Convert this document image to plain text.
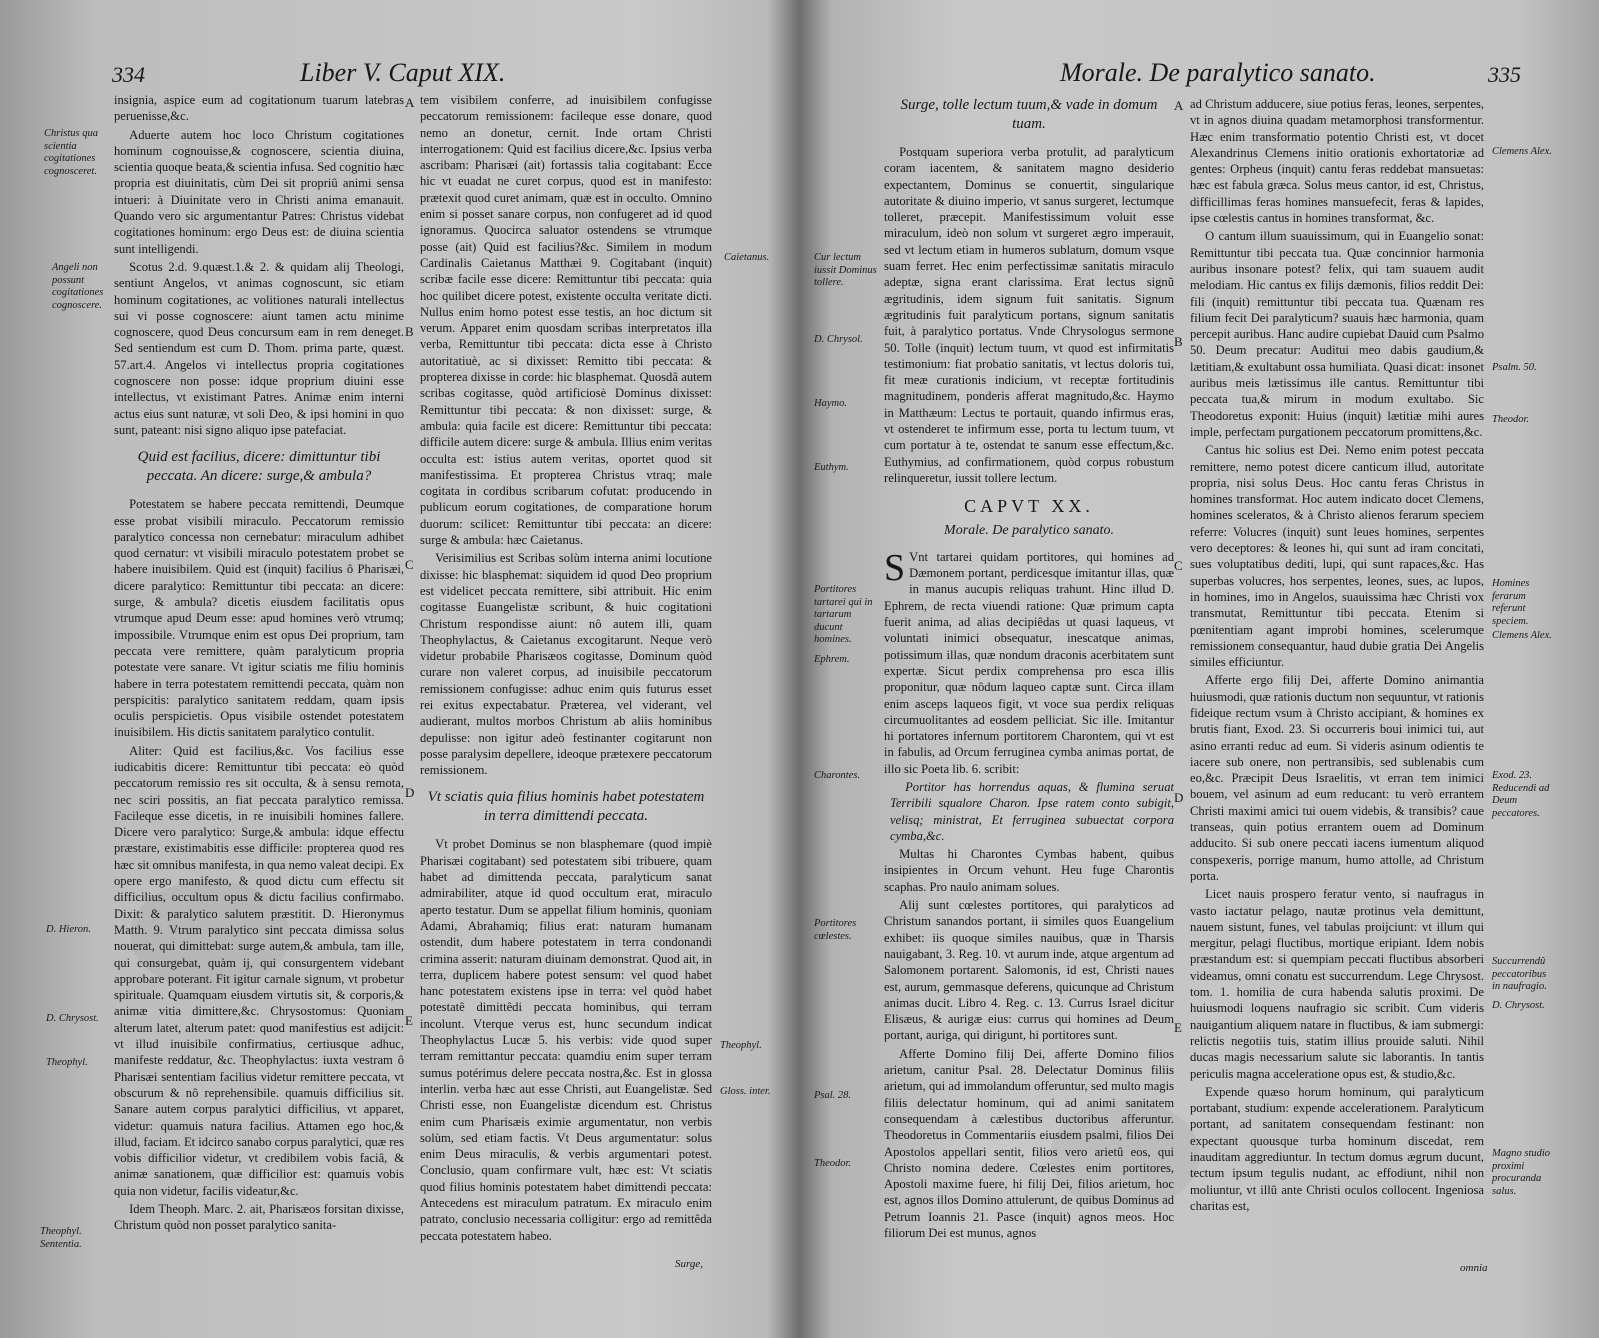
334	Liber V. Caput XIX.

insignia, aspice eum ad cogitationum tuarum latebras peruenisse,&c.

Aduerte autem hoc loco Christum cogitationes hominum cognouisse,& cognoscere, scientia diuina, scientia quoque beata,& scientia infusa. Sed cognitio hæc propria est diuinitatis, cùm Dei sit propriû animi sensa intueri: à Diuinitate vero in Christi anima emanauit. Quando vero sic argumentantur Patres: Christus videbat cogitationes hominum: ergo Deus est: de diuina scientia sunt intelligendi.

Scotus 2.d. 9.quæst.1.& 2. & quidam alij Theologi, sentiunt Angelos, vt animas cognoscunt, sic etiam hominum cogitationes, ac volitiones naturali intellectus sui vi posse cognoscere: aiunt tamen actu minime cognoscere, quod Deus concursum eam in rem deneget. Sed sentiendum est cum D. Thom. prima parte, quæst. 57.art.4. Angelos vi intellectus propria cogitationes cognoscere non posse: idque proprium diuini esse intellectus, vt existimant Patres. Animæ enim interni actus eius sunt naturæ, vt soli Deo, & ipsi homini in quo sunt, pateant: nisi signo aliquo ipse patefaciat.

Quid est facilius, dicere: dimittuntur tibi peccata. An dicere: surge,& ambula?

Potestatem se habere peccata remittendi, Deumque esse probat visibili miraculo. Peccatorum remissio paralytico concessa non cernebatur: miraculum adhibet quod cernatur: vt visibili miraculo potestatem probet se habere inuisibilem. Quid est (inquit) facilius ô Pharisæi, dicere paralytico: Remittuntur tibi peccata: an dicere: surge, & ambula? dicetis eiusdem facilitatis opus vtrumque apud Deum esse: apud homines verò vtrumq; impossibile. Vtrumque enim est opus Dei proprium, tam peccata vere remittere, quàm paralyticum propria potestate vere sanare. Vt igitur sciatis me filiu hominis habere in terra potestatem remittendi peccata, quàm non perspicitis: paralytico sanitatem reddam, quam ipsis oculis perspicietis. Opus visibile ostendet potestatem inuisibilem. His dictis sanitatem paralytico contulit.

Aliter: Quid est facilius,&c. Vos facilius esse iudicabitis dicere: Remittuntur tibi peccata: eò quòd peccatorum remissio res sit occulta, & à sensu remota, nec sciri possitis, an fiat peccata paralytico remissa. Facileque esse dicetis, in re inuisibili homines fallere. Dicere vero paralytico: Surge,& ambula: idque effectu præstare, existimabitis esse difficile: propterea quod res hæc sit omnibus manifesta, in qua nemo valeat decipi. Ex opere ergo manifesto, & quod dictu cum effectu sit difficilius, occultum opus & dictu facilius confirmabo. Dixit: & paralytico salutem præstitit. D. Hieronymus Matth. 9. Vtrum paralytico sint peccata dimissa solus nouerat, qui dimittebat: surge autem,& ambula, tam ille, qui consurgebat, quàm ij, qui consurgentem videbant approbare poterant. Fit igitur carnale signum, vt probetur spirituale. Quamquam eiusdem virtutis sit, & corporis,& animæ vitia dimittere,&c. Chrysostomus: Quoniam alterum latet, alterum patet: quod manifestius est adijcit: vt illud inuisibile confirmatius, certiusque adhuc, manifeste reddatur, &c. Theophylactus: iuxta vestram ô Pharisæi sententiam facilius videtur remittere peccata, vt obscurum & nô reprehensibile. quamuis difficilius sit. Sanare autem corpus paralytici difficilius, vt apparet, videtur: quamuis natura facilius. Attamen ego hoc,& illud, faciam. Et idcirco sanabo corpus paralytici, quæ res vobis difficilior videtur, vt credibilem vobis faciâ, & animæ sanationem, quæ difficilior est: quamuis vobis quia non videtur, facilis videatur,&c.

Idem Theoph. Marc. 2. ait, Pharisæos forsitan dixisse, Christum quòd non posset paralytico sanita-

tem visibilem conferre, ad inuisibilem confugisse peccatorum remissionem: facileque esse donare, quod nemo an donetur, cernit. Inde ortam Christi interrogationem: Quid est facilius dicere,&c. Ipsius verba ascribam: Pharisæi (ait) fortassis talia cogitabant: Ecce hic vt euadat ne curet corpus, quod est in manifesto: prætexit quod curet animam, quæ est in occulto. Omnino enim si posset sanare corpus, non confugeret ad id quod ignoramus. Quocirca saluator ostendens se vtrumque posse (ait) Quid est facilius?&c. Similem in modum Cardinalis Caietanus Matthæi 9. Cogitabant (inquit) scribæ facile esse dicere: Remittuntur tibi peccata: quia hoc quilibet dicere potest, existente occulta veritate dicti. Nullus enim homo potest esse testis, an hoc dictum sit verum. Apparet enim quosdam scribas interpretatos illa verba, Remittuntur tibi peccata: dicta esse à Christo autoritatiuè, ac si dixisset: Remitto tibi peccata: & propterea dixisse in corde: hic blasphemat. Quosdâ autem scribas cogitasse, quòd artificiosè Dominus dixisset: Remittuntur tibi peccata: & non dixisset: surge, & ambula: quia facile est dicere: Remittuntur tibi peccata: difficile autem dicere: surge & ambula. Illius enim veritas occulta est: istius autem veritas, oportet quod sit manifestissima. Et propterea Christus vtraq; male cogitata in cordibus scribarum cofutat: producendo in publicum eorum cogitationes, de comparatione horum duorum: scilicet: Remittuntur tibi peccata: an dicere: surge & ambula: hæc Caietanus.

Verisimilius est Scribas solùm interna animi locutione dixisse: hic blasphemat: siquidem id quod Deo proprium est videlicet peccata remittere, sibi attribuit. Hic enim cogitasse Euangelistæ scribunt, & huic cogitationi Christum respondisse aiunt: nô autem illi, quam Theophylactus, & Caietanus excogitarunt. Neque verò videtur probabile Pharisæos cogitasse, Dominum quòd curare non valeret corpus, ad inuisibile peccatorum remissionem confugisse: adhuc enim quis futurus esset rei exitus expectabatur. Præterea, vel viderant, vel audierant, multos morbos Christum ab aliis hominibus depulisse: non igitur adeò festinanter cogitarunt non posse paralysim depellere, ideoque prætexere peccatorum remissionem.

Vt sciatis quia filius hominis habet potestatem in terra dimittendi peccata.

Vt probet Dominus se non blasphemare (quod impiè Pharisæi cogitabant) sed potestatem sibi tribuere, quam habet ad dimittenda peccata, paralyticum sanat admirabiliter, atque id quod occultum erat, miraculo aperto testatur. Dum se appellat filium hominis, quoniam Adami, Abrahamiq; filius erat: naturam humanam ostendit, dum habere potestatem in terra condonandi crimina asserit: naturam diuinam demonstrat. Quod ait, in terra, duplicem habere potest sensum: vel quod habet hanc potestatem existens ipse in terra: vel quòd habet potestatê dimittêdi peccata hominibus, qui terram incolunt. Vterque verus est, hunc secundum indicat Theophylactus Lucæ 5. his verbis: vide quod super terram remittantur peccata: quamdiu enim super terram sumus potérimus delere peccata nostra,&c. Est in glossa interlin. verba hæc aut esse Christi, aut Euangelistæ. Sed Christi esse, non Euangelistæ dicendum est. Christus enim cum Pharisæis eximie argumentatur, non verbis solùm, sed etiam factis. Vt Deus argumentatur: solus enim Deus miraculis, & verbis argumentari potest. Conclusio, quam confirmare vult, hæc est: Vt sciatis quod filius hominis potestatem habet dimittendi peccata: Antecedens est miraculum patratum. Ex miraculo enim patrato, conclusio necessaria colligitur: ergo ad remittêda peccata potestatem habeo.

Surge,
Christus qua scientia cogitationes cognosceret.
Angeli non possunt cogitationes cognoscere.
D. Hieron.
D. Chrysost.
Theophyl.
Theophyl. Sententia.
Caietanus.
Theophyl.
Gloss. inter.
A
B
C
D
E
Morale. De paralytico sanato.	335
Surge, tolle lectum tuum,& vade in domum tuam.

Postquam superiora verba protulit, ad paralyticum coram iacentem, & sanitatem magno desiderio expectantem, Dominus se conuertit, singularique autoritate & diuino imperio, vt sanus surgeret, lectumque tolleret, præcepit. Manifestissimum voluit esse miraculum, ideò non solum vt surgeret ægro imperauit, sed vt lectum etiam in humeros sublatum, domum vsque suam ferret. Hec enim perfectissimæ sanitatis miraculo adeptæ, signa erant clarissima. Erat lectus signũ ægritudinis, idem signum fuit sanitatis. Signum ægritudinis fuit paralyticum portans, signum sanitatis fuit, à paralytico portatus. Vnde Chrysologus sermone 50. Tolle (inquit) lectum tuum, vt quod est infirmitatis testimonium: fiat probatio sanitatis, vt lectus doloris tui, fit meæ curationis indicium, vt receptæ fortitudinis magnitudinem, ponderis afferat magnitudo,&c. Haymo in Matthæum: Lectus te portauit, quando infirmus eras, vt ostenderet te infirmum esse, porta tu lectum tuum, vt cum portatur à te, ostendat te sanum esse effectum,&c. Euthymius, ad confirmationem, quòd corpus robustum relinqueretur, iussit tollere lectum.

CAPVT XX.
Morale. De paralytico sanato.

S Vnt tartarei quidam portitores, qui homines ad Dæmonem portant, perdicesque imitantur illas, quæ in manus aucupis reliquas trahunt. Hinc illud D. Ephrem, de recta viuendi ratione: Quæ primum capta fuerit anima, ad alias decipiêdas ut quasi laqueus, vt voluntati inimici obsequatur, inescatque animas, potissimum illas, quæ nondum draconis acerbitatem sunt expertæ. Sicut perdix comprehensa pro esca illis proponitur, quæ nôdum laqueo captæ sunt. Circa illam enim asceps laqueos figit, vt voce sua perdix reliquas circumuolitantes ad eosdem pelliciat. Sic ille. Imitantur hi portatores infernum portitorem Charontem, qui vt est in fabulis, ad Orcum ferruginea cymba animas portat, de illo sic Poeta lib. 6. scribit:

Portitor has horrendus aquas, & flumina seruat Terribili squalore Charon. Ipse ratem conto subigit, velisq; ministrat, Et ferruginea subuectat corpora cymba,&c.

Multas hi Charontes Cymbas habent, quibus insipientes in Orcum vehunt. Heu fuge Charontis scaphas. Pro naulo animam solues.

Alij sunt cœlestes portitores, qui paralyticos ad Christum sanandos portant, ii similes quos Euangelium exhibet: iis quoque similes nauibus, quæ in Tharsis nauigabant, 3. Reg. 10. vt aurum inde, atque argentum ad Salomonem portarent. Salomonis, id est, Christi naues est, aurum, gemmasque deferens, quicunque ad Christum animas ducit. Libro 4. Reg. c. 13. Currus Israel dicitur Elisæus, & aurigæ eius: currus qui homines ad Deum portant, auriga, qui dirigunt, hi portitores sunt.

Afferte Domino filij Dei, afferte Domino filios arietum, canitur Psal. 28. Delectatur Dominus filiis arietum, qui ad immolandum offeruntur, sed multo magis filiis delectatur hominum, qui ad animi sanitatem consequendam à cælestibus ductoribus afferuntur. Theodoretus in Commentariis eiusdem psalmi, filios Dei Apostolos appellari sentit, filios vero arietû eos, qui Christo nomina dedere. Cœlestes enim portitores, Apostoli maxime fuere, hi filij Dei, filios arietum, hoc est, agnos illos Domino attulerunt, de quibus Dominus ad Petrum Ioannis 21. Pasce (inquit) agnos meos. Hoc filiorum Dei est munus, agnos

ad Christum adducere, siue potius feras, leones, serpentes, vt in agnos diuina quadam metamorphosi transformentur. Hæc enim transformatio potentio Christi est, vt docet Alexandrinus Clemens initio orationis exhortatoriæ ad gentes: Orpheus (inquit) cantu feras reddebat mansuetas: hæc est fabula græca. Solus meus cantor, id est, Christus, difficillimas feras homines mansuefecit, feras & lapides, ipse cœlestis cantus in homines transformat, &c.

O cantum illum suauissimum, qui in Euangelio sonat: Remittuntur tibi peccata tua. Quæ concinnior harmonia auribus insonare potest? felix, qui tam suauem audit melodiam. Hic cantus ex filijs dæmonis, filios reddit Dei: fili (inquit) remittuntur tibi peccata tua. Quænam res filium fecit Dei paralyticum? suauis hæc harmonia, quam percepit auribus. Hanc audire cupiebat Dauid cum Psalmo 50. Deum precatur: Auditui meo dabis gaudium,& lætitiam,& exultabunt ossa humiliata. Quasi dicat: insonet auribus meis lætissimus ille cantus. Remittuntur tibi peccata tua,& mirum in modum exultabo. Sic Theodoretus exponit: Huius (inquit) lætitiæ mihi aures imple, perfectam purgationem peccatorum promittens,&c.

Cantus hic solius est Dei. Nemo enim potest peccata remittere, nemo potest dicere canticum illud, autoritate propria, nisi solus Deus. Hoc cantu feras Christus in homines transformat. Hoc autem indicato docet Clemens, homines sceleratos, & à Christo alienos ferarum speciem referre: Volucres (inquit) sunt leues homines, serpentes vero deceptores: & leones hi, qui sunt ad iram concitati, sues voluptatibus dediti, lupi, qui sunt rapaces,&c. Has superbas volucres, hos serpentes, leones, sues, ac lupos, in homines, imo in Angelos, suauissima hæc Christi vox transmutat, Remittuntur tibi peccata. Etenim si pœnitentiam agant improbi homines, scelerumque remissionem consequantur, haud dubie gratia Dei Angelis similes efficiuntur.

Afferte ergo filij Dei, afferte Domino animantia huiusmodi, quæ rationis ductum non sequuntur, vt rationis fideique rectum vsum à Christo accipiant, & homines ex brutis fiant, Exod. 23. Si occurreris boui inimici tui, aut asino erranti reduc ad eum. Si videris asinum odientis te iacere sub onere, non pertransibis, sed sublenabis cum eo,&c. Præcipit Deus Israelitis, vt erran tem inimici bouem, vel asinum ad eum reducant: tu verò errantem Christi maximi amici tui ouem videbis, & transibis? caue transeas, quin potius errantem ouem ad Dominum adducito. Si sub onere peccati iacens iumentum aliquod conspexeris, porrige manum, humo attolle, ad Christum porta.

Licet nauis prospero feratur vento, si naufragus in vasto iactatur pelago, nautæ protinus vela demittunt, nauem sistunt, funes, vel tabulas proijciunt: vt illum qui mergitur, pelagi fluctibus, mortique eripiant. Idem nobis præstandum est: si quempiam peccati fluctibus absorberi videamus, omni conatu est succurrendum. Lege Chrysost. tom. 1. homilia de cura habenda salutis proximi. De huiusmodi loquens naufragio sic scribit. Cum videris nauigantium aliquem natare in fluctibus, & iam submergi: relictis negotiis tuis, statim illius prouide saluti. Nihil ducas magis necessarium salute sic laborantis. In tantis periculis magna acceleratione opus est, & studio,&c.

Expende quæso horum hominum, qui paralyticum portabant, studium: expende accelerationem. Paralyticum portant, ad sanitatem consequendam festinant: non expectant quousque turba hominum discedat, rem inauditam aggrediuntur. In tectum domus ægrum ducunt, tectum ipsum tegulis nudant, ac effodiunt, nihil non moliuntur, vt illû ante Christi oculos collocent. Ingeniosa charitas est,

omnia
Cur lectum iussit Dominus tollere.
D. Chrysol.
Haymo.
Euthym.
Portitores tartarei qui in tartarum ducunt homines.
Ephrem.
Charontes.
Portitores cœlestes.
Psal. 28.
Theodor.
Clemens Alex.
Psalm. 50.
Theodor.
Homines ferarum referunt speciem.
Clemens Alex.
Exod. 23. Reducendi ad Deum peccatores.
Succurrendû peccatoribus in naufragio.
D. Chrysost.
Magno studio proximi procuranda salus.
A
B
C
D
E
